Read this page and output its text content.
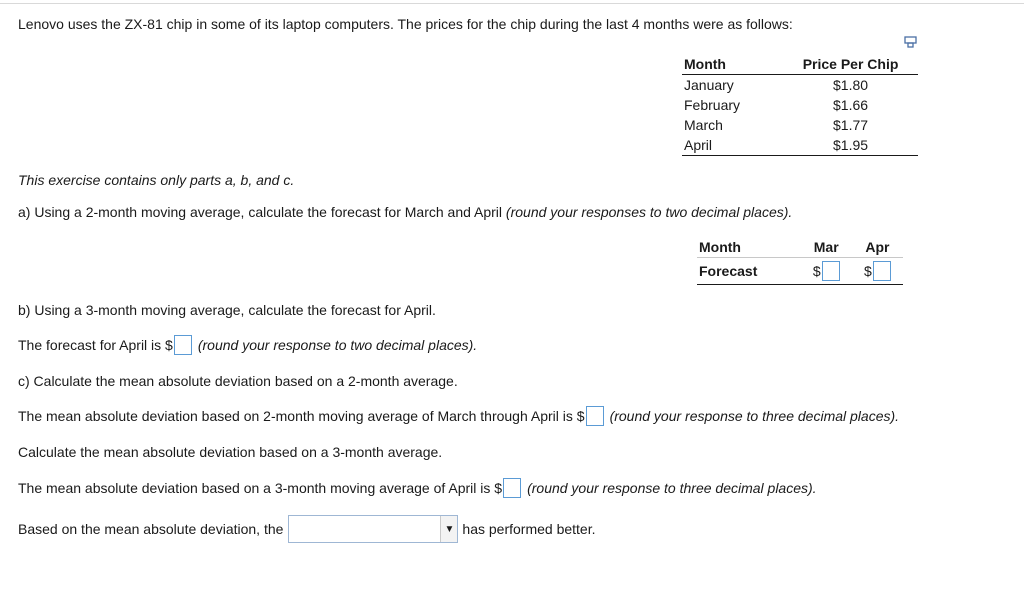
Lenovo uses the ZX-81 chip in some of its laptop computers. The prices for the chip during the last 4 months were as follows:
Month	Price Per Chip
January	$1.80
February	$1.66
March	$1.77
April	$1.95
This exercise contains only parts a, b, and c.
a) Using a 2-month moving average, calculate the forecast for March and April (round your responses to two decimal places).
Month	Mar	Apr
Forecast	$	$
b) Using a 3-month moving average, calculate the forecast for April.
The forecast for April is $ (round your response to two decimal places).
c) Calculate the mean absolute deviation based on a 2-month average.
The mean absolute deviation based on 2-month moving average of March through April is $ (round your response to three decimal places).
Calculate the mean absolute deviation based on a 3-month average.
The mean absolute deviation based on a 3-month moving average of April is $ (round your response to three decimal places).
Based on the mean absolute deviation, the	▼ has performed better.
